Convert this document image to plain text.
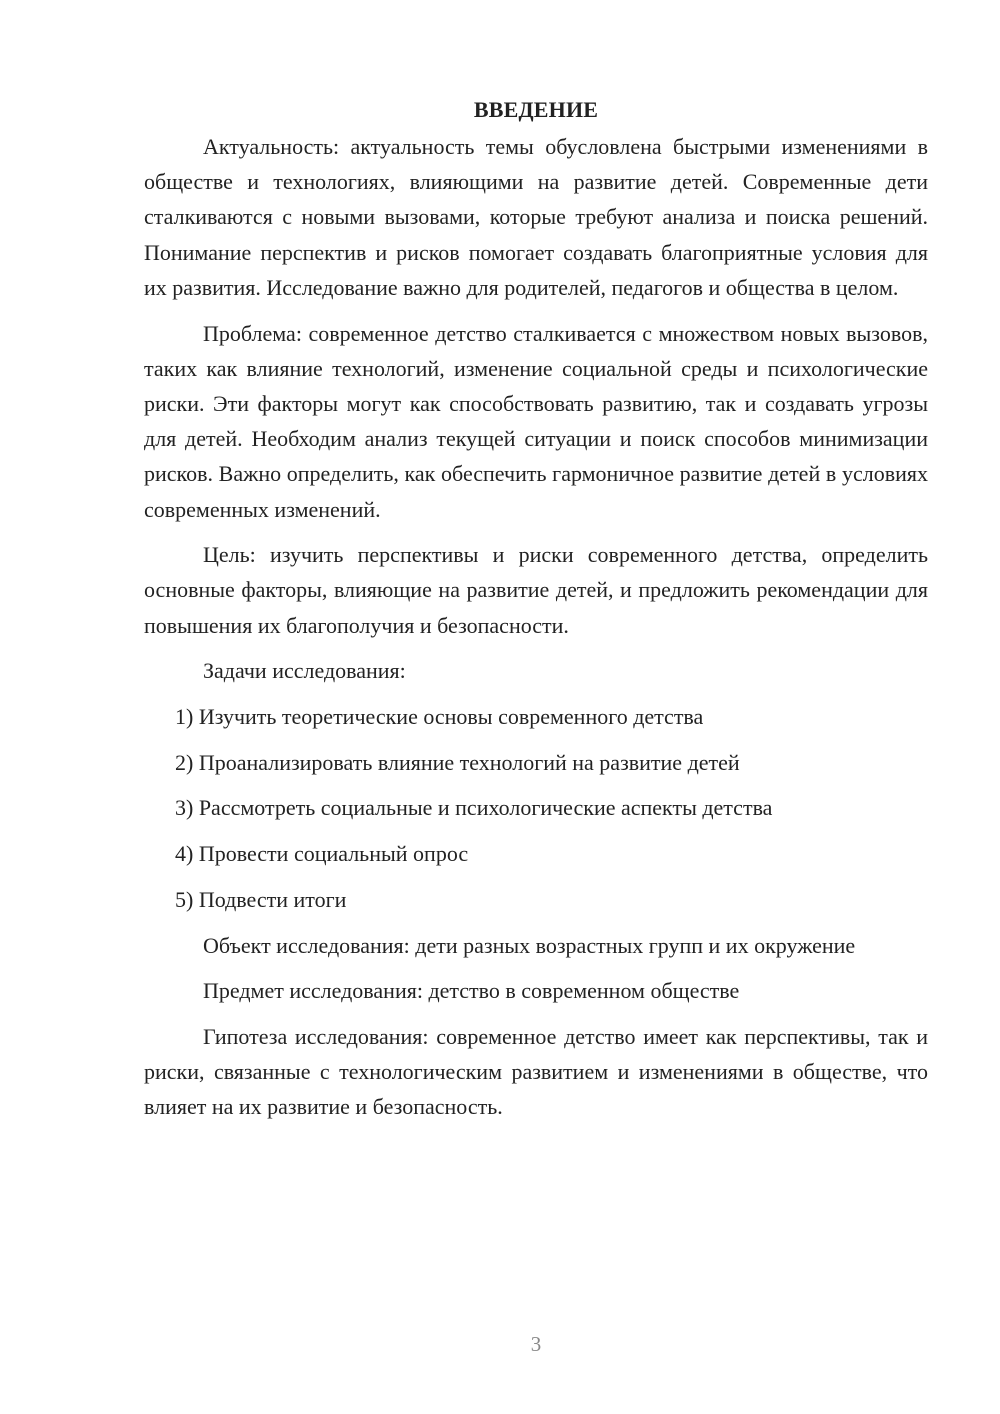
ВВЕДЕНИЕ

Актуальность: актуальность темы обусловлена быстрыми изменениями в обществе и технологиях, влияющими на развитие детей. Современные дети сталкиваются с новыми вызовами, которые требуют анализа и поиска решений. Понимание перспектив и рисков помогает создавать благоприятные условия для их развития. Исследование важно для родителей, педагогов и общества в целом.

Проблема: современное детство сталкивается с множеством новых вызовов, таких как влияние технологий, изменение социальной среды и психологические риски. Эти факторы могут как способствовать развитию, так и создавать угрозы для детей. Необходим анализ текущей ситуации и поиск способов минимизации рисков. Важно определить, как обеспечить гармоничное развитие детей в условиях современных изменений.

Цель: изучить перспективы и риски современного детства, определить основные факторы, влияющие на развитие детей, и предложить рекомендации для повышения их благополучия и безопасности.

Задачи исследования:

1) Изучить теоретические основы современного детства

2) Проанализировать влияние технологий на развитие детей

3) Рассмотреть социальные и психологические аспекты детства

4) Провести социальный опрос

5) Подвести итоги

Объект исследования: дети разных возрастных групп и их окружение

Предмет исследования: детство в современном обществе

Гипотеза исследования: современное детство имеет как перспективы, так и риски, связанные с технологическим развитием и изменениями в обществе, что влияет на их развитие и безопасность.

3
